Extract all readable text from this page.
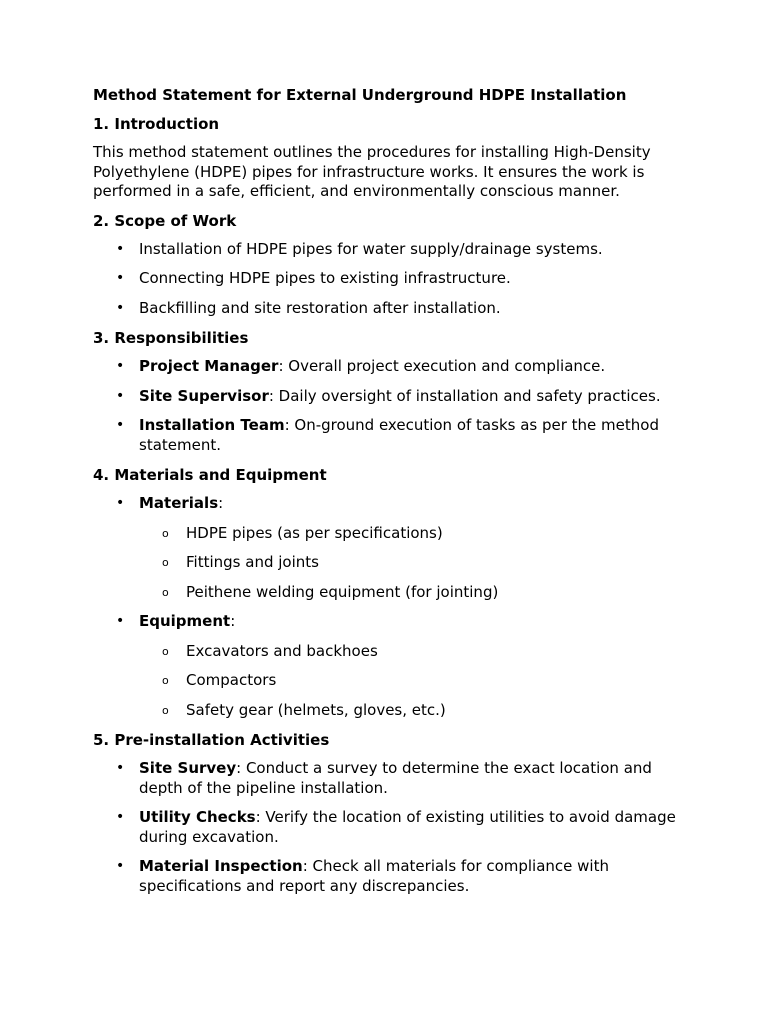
Method Statement for External Underground HDPE Installation
1. Introduction
This method statement outlines the procedures for installing High-Density Polyethylene (HDPE) pipes for infrastructure works. It ensures the work is performed in a safe, efficient, and environmentally conscious manner.
2. Scope of Work
• Installation of HDPE pipes for water supply/drainage systems.
• Connecting HDPE pipes to existing infrastructure.
• Backfilling and site restoration after installation.
3. Responsibilities
• Project Manager: Overall project execution and compliance.
• Site Supervisor: Daily oversight of installation and safety practices.
• Installation Team: On-ground execution of tasks as per the method statement.
4. Materials and Equipment
• Materials:
o HDPE pipes (as per specifications)
o Fittings and joints
o Peithene welding equipment (for jointing)
• Equipment:
o Excavators and backhoes
o Compactors
o Safety gear (helmets, gloves, etc.)
5. Pre-installation Activities
• Site Survey: Conduct a survey to determine the exact location and depth of the pipeline installation.
• Utility Checks: Verify the location of existing utilities to avoid damage during excavation.
• Material Inspection: Check all materials for compliance with specifications and report any discrepancies.
